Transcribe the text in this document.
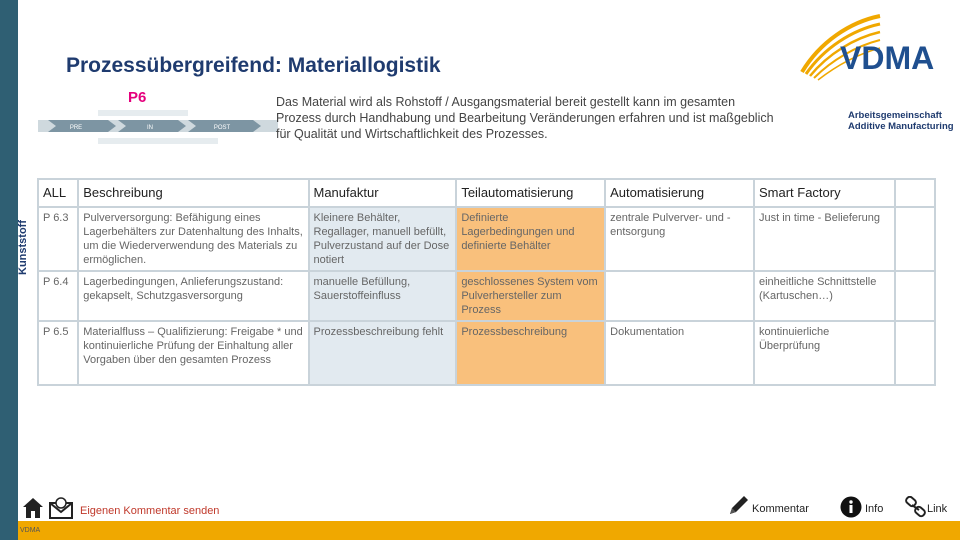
VDMA
Prozessübergreifend: Materiallogistik
P6
PRE	IN	POST
Das Material wird als Rohstoff / Ausgangsmaterial bereit gestellt kann im gesamten Prozess durch Handhabung und Bearbeitung Veränderungen erfahren und ist maßgeblich für Qualität und Wirtschaftlichkeit des Prozesses.
VDMA
Arbeitsgemeinschaft
Additive Manufacturing
Kunststoff
ALL	Beschreibung	Manufaktur	Teilautomatisierung	Automatisierung	Smart Factory	
P 6.3	Pulverversorgung: Befähigung eines Lagerbehälters zur Datenhaltung des Inhalts, um die Wiederverwendung des Materials zu ermöglichen.	Kleinere Behälter, Regallager, manuell befüllt, Pulverzustand auf der Dose notiert	Definierte Lagerbedingungen und definierte Behälter	zentrale Pulverver- und -entsorgung	Just in time - Belieferung	
P 6.4	Lagerbedingungen, Anlieferungszustand: gekapselt, Schutzgasversorgung	manuelle Befüllung, Sauerstoffeinfluss	geschlossenes System vom Pulverhersteller zum Prozess		einheitliche Schnittstelle (Kartuschen…)	
P 6.5	Materialfluss – Qualifizierung: Freigabe * und kontinuierliche Prüfung der Einhaltung aller Vorgaben über den gesamten Prozess	Prozessbeschreibung fehlt	Prozessbeschreibung	Dokumentation	kontinuierliche Überprüfung	
Eigenen Kommentar senden	Kommentar	Info	Link
